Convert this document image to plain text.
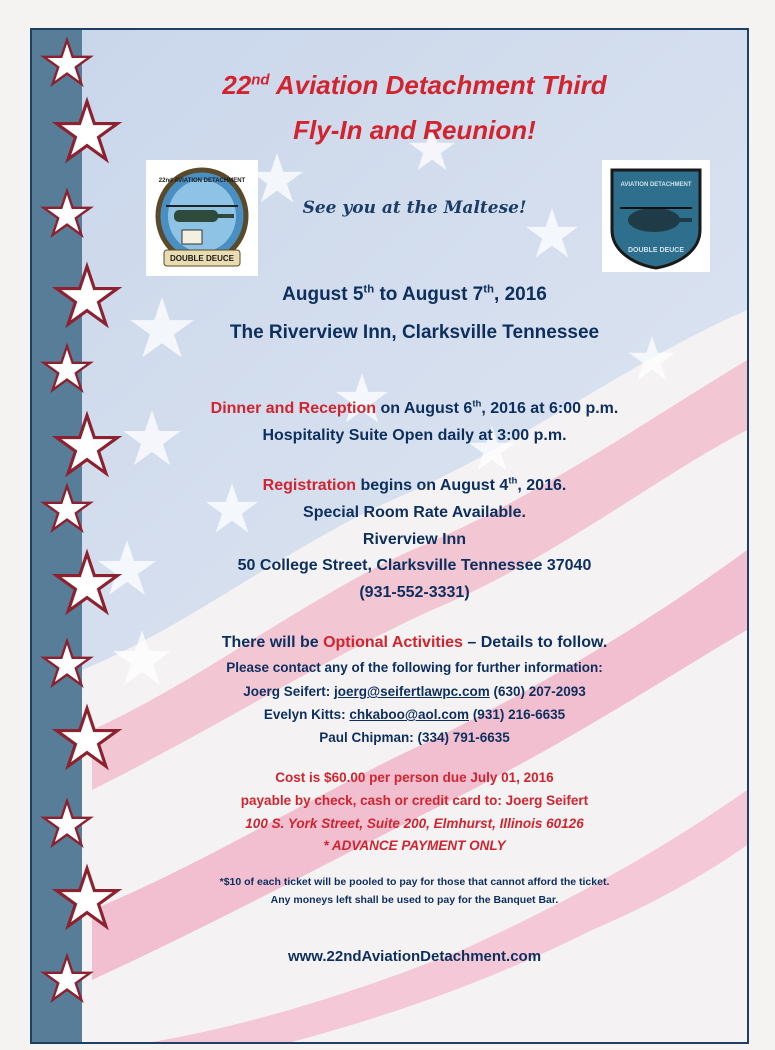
22nd Aviation Detachment Third
Fly-In and Reunion!
DOUBLE DEUCE
22nd AVIATION DETACHMENT
AVIATION DETACHMENT
DOUBLE DEUCE
See you at the Maltese!
August 5th to August 7th, 2016
The Riverview Inn, Clarksville Tennessee
Dinner and Reception on August 6th, 2016 at 6:00 p.m.
Hospitality Suite Open daily at 3:00 p.m.
Registration begins on August 4th, 2016.
Special Room Rate Available.
Riverview Inn
50 College Street, Clarksville Tennessee 37040
(931-552-3331)
There will be Optional Activities – Details to follow.
Please contact any of the following for further information:
Joerg Seifert: joerg@seifertlawpc.com (630) 207-2093
Evelyn Kitts: chkaboo@aol.com (931) 216-6635
Paul Chipman: (334) 791-6635
Cost is $60.00 per person due July 01, 2016
payable by check, cash or credit card to: Joerg Seifert
100 S. York Street, Suite 200, Elmhurst, Illinois 60126
* ADVANCE PAYMENT ONLY
*$10 of each ticket will be pooled to pay for those that cannot afford the ticket.
Any moneys left shall be used to pay for the Banquet Bar.
www.22ndAviationDetachment.com
